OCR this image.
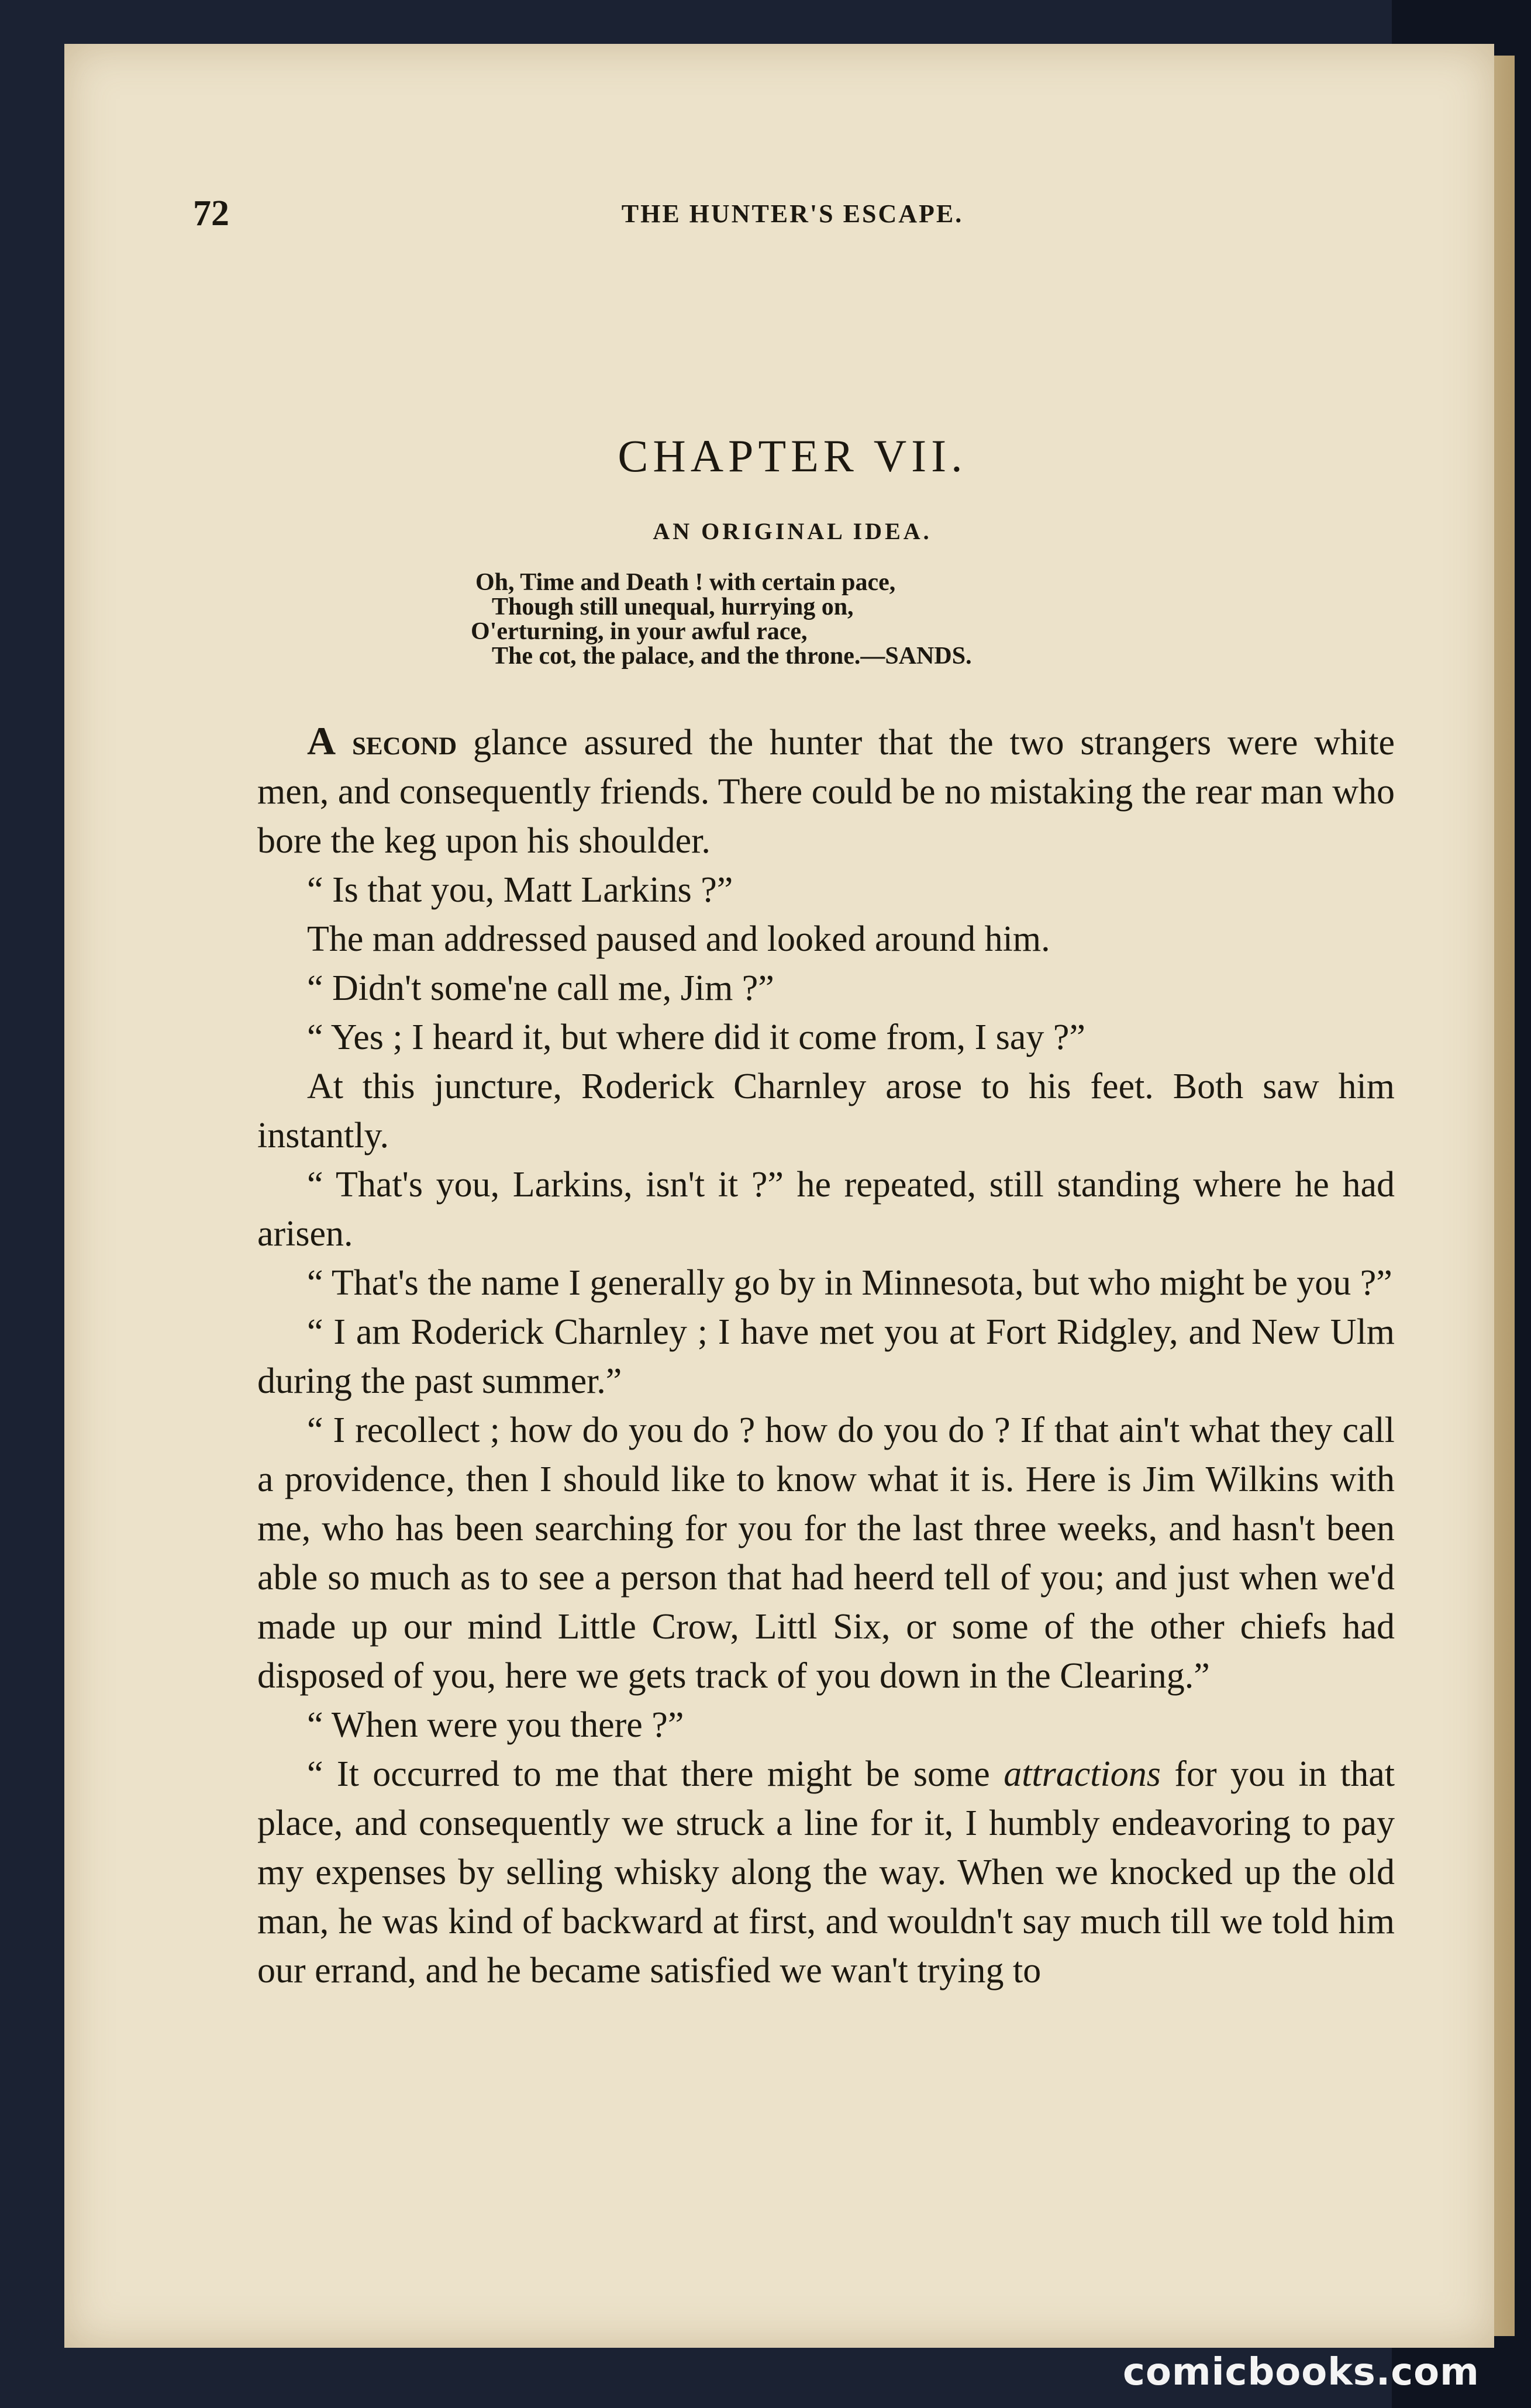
72	THE HUNTER'S ESCAPE.
CHAPTER VII.
AN ORIGINAL IDEA.
Oh, Time and Death ! with certain pace,
Though still unequal, hurrying on,
O'erturning, in your awful race,
The cot, the palace, and the throne.—SANDS.

A second glance assured the hunter that the two strangers were white men, and consequently friends. There could be no mistaking the rear man who bore the keg upon his shoulder.

“ Is that you, Matt Larkins ?”

The man addressed paused and looked around him.

“ Didn't some'ne call me, Jim ?”

“ Yes ; I heard it, but where did it come from, I say ?”

At this juncture, Roderick Charnley arose to his feet. Both saw him instantly.

“ That's you, Larkins, isn't it ?” he repeated, still standing where he had arisen.

“ That's the name I generally go by in Minnesota, but who might be you ?”

“ I am Roderick Charnley ; I have met you at Fort Ridgley, and New Ulm during the past summer.”

“ I recollect ; how do you do ? how do you do ? If that ain't what they call a providence, then I should like to know what it is. Here is Jim Wilkins with me, who has been searching for you for the last three weeks, and hasn't been able so much as to see a person that had heerd tell of you; and just when we'd made up our mind Little Crow, Littl Six, or some of the other chiefs had disposed of you, here we gets track of you down in the Clearing.”

“ When were you there ?”

“ It occurred to me that there might be some attractions for you in that place, and consequently we struck a line for it, I humbly endeavoring to pay my expenses by selling whisky along the way. When we knocked up the old man, he was kind of backward at first, and wouldn't say much till we told him our errand, and he became satisfied we wan't trying to

comicbooks.com
